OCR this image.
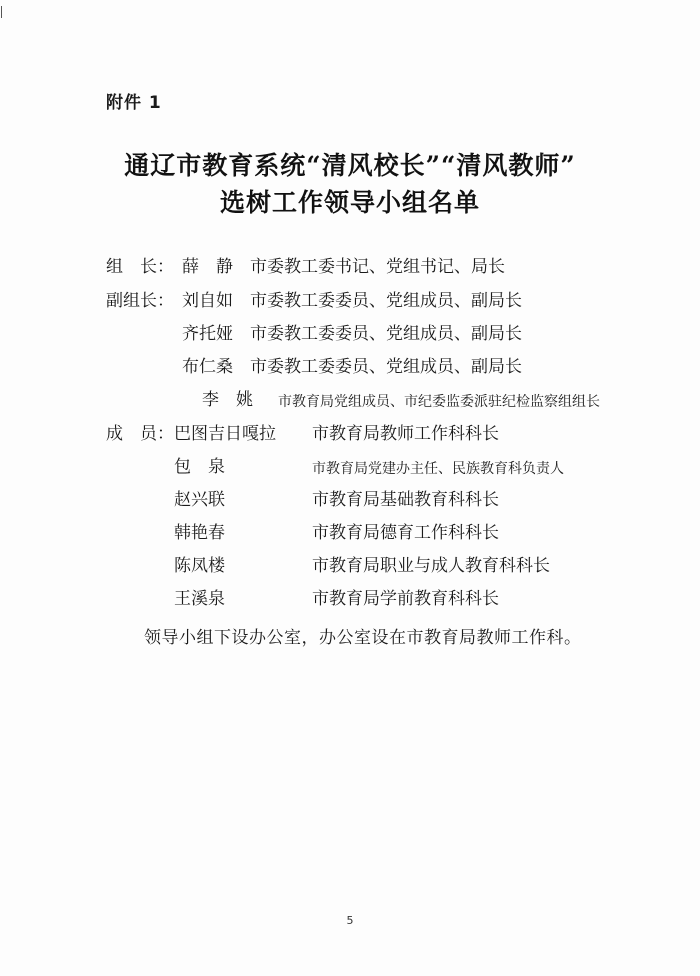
附件 1
通辽市教育系统“清风校长”“清风教师”
选树工作领导小组名单
组　长： 薛　静 市委教工委书记、党组书记、局长
副组长： 刘自如 市委教工委委员、党组成员、副局长
齐托娅 市委教工委委员、党组成员、副局长
布仁桑 市委教工委委员、党组成员、副局长
李　姚 市教育局党组成员、市纪委监委派驻纪检监察组组长
成　员： 巴图吉日嘎拉 市教育局教师工作科科长
包　泉	市教育局党建办主任、民族教育科负责人
赵兴联	市教育局基础教育科科长
韩艳春	市教育局德育工作科科长
陈凤楼	市教育局职业与成人教育科科长
王溪泉	市教育局学前教育科科长
领导小组下设办公室，办公室设在市教育局教师工作科。
5
